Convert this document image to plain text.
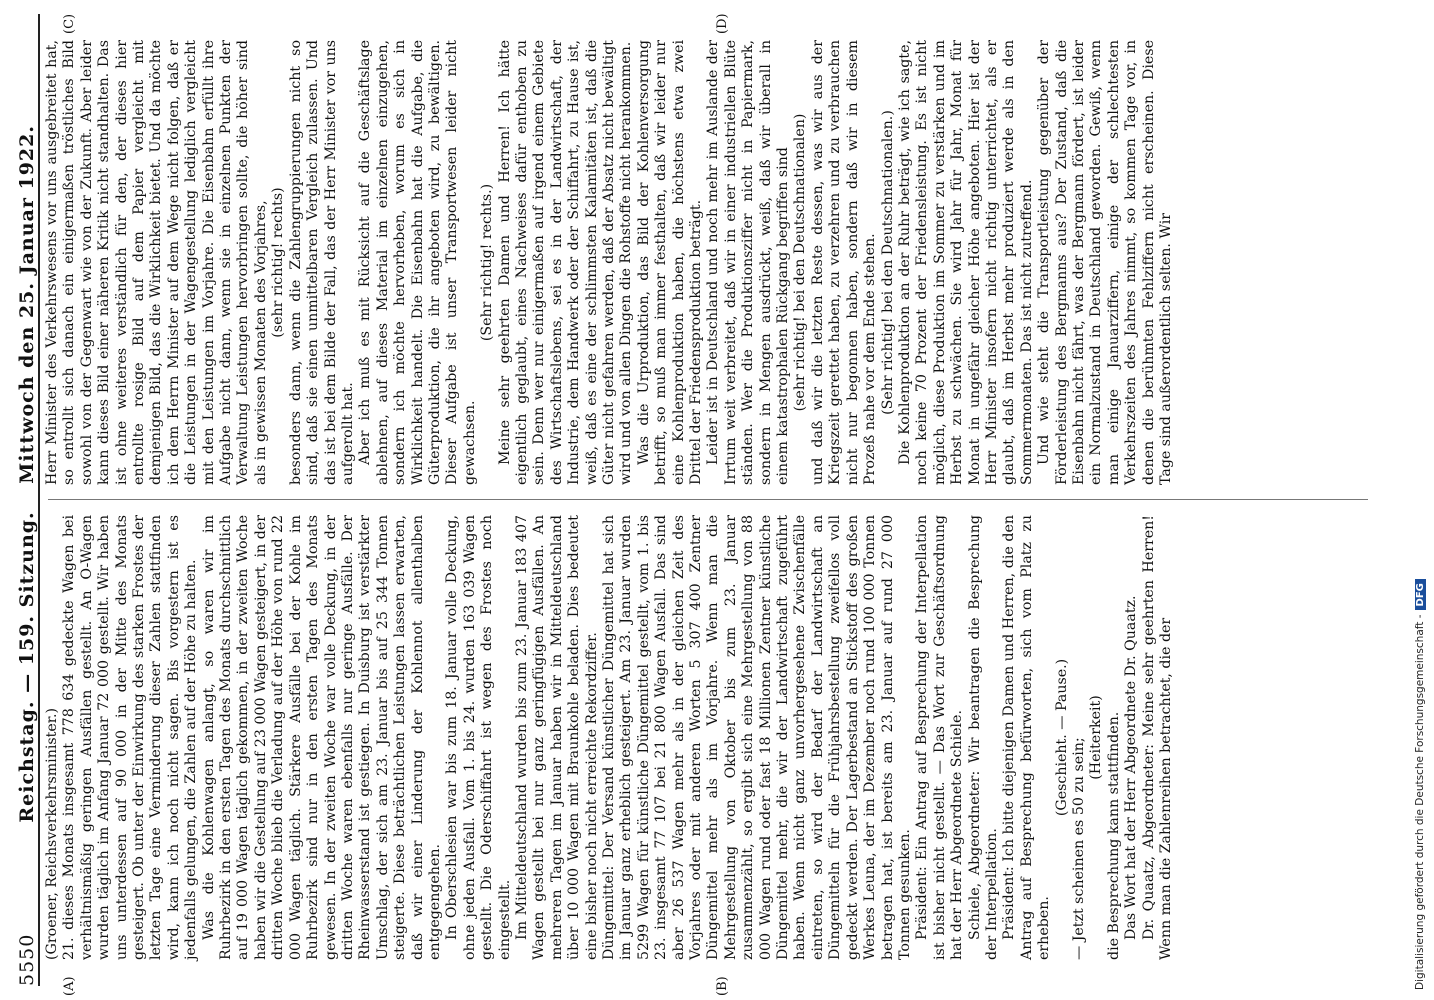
5550
Reichstag. — 159. Sitzung. Mittwoch den 25. Januar 1922.
(A)	(B)
(C)	(D)

(Groener, Reichsverkehrsminister.) 21. dieses Monats insgesamt 778 634 gedeckte Wagen bei verhältnismäßig geringen Ausfällen gestellt. An O-Wagen wurden täglich im Anfang Januar 72 000 gestellt. Wir haben uns unterdessen auf 90 000 in der Mitte des Monats gesteigert. Ob unter der Einwirkung des starken Frostes der letzten Tage eine Verminderung dieser Zahlen stattfinden wird, kann ich noch nicht sagen. Bis vorgestern ist es jedenfalls gelungen, die Zahlen auf der Höhe zu halten. Was die Kohlenwagen anlangt, so waren wir im Ruhrbezirk in den ersten Tagen des Monats durchschnittlich auf 19 000 Wagen täglich gekommen, in der zweiten Woche haben wir die Gestellung auf 23 000 Wagen gesteigert, in der dritten Woche blieb die Verladung auf der Höhe von rund 22 000 Wagen täglich. Stärkere Ausfälle bei der Kohle im Ruhrbezirk sind nur in den ersten Tagen des Monats gewesen. In der zweiten Woche war volle Deckung, in der dritten Woche waren ebenfalls nur geringe Ausfälle. Der Rheinwasserstand ist gestiegen. In Duisburg ist verstärkter Umschlag, der sich am 23. Januar bis auf 25 344 Tonnen steigerte. Diese beträchtlichen Leistungen lassen erwarten, daß wir einer Linderung der Kohlennot allenthalben entgegengehen. In Oberschlesien war bis zum 18. Januar volle Deckung, ohne jeden Ausfall. Vom 1. bis 24. wurden 163 039 Wagen gestellt. Die Oderschiffahrt ist wegen des Frostes noch eingestellt. Im Mitteldeutschland wurden bis zum 23. Januar 183 407 Wagen gestellt bei nur ganz geringfügigen Ausfällen. An mehreren Tagen im Januar haben wir in Mitteldeutschland über 10 000 Wagen mit Braunkohle beladen. Dies bedeutet eine bisher noch nicht erreichte Rekordziffer. Düngemittel: Der Versand künstlicher Düngemittel hat sich im Januar ganz erheblich gesteigert. Am 23. Januar wurden 5299 Wagen für künstliche Düngemittel gestellt, vom 1. bis 23. insgesamt 77 107 bei 21 800 Wagen Ausfall. Das sind aber 26 537 Wagen mehr als in der gleichen Zeit des Vorjahres oder mit anderen Worten 5 307 400 Zentner Düngemittel mehr als im Vorjahre. Wenn man die Mehrgestellung von Oktober bis zum 23. Januar zusammenzählt, so ergibt sich eine Mehrgestellung von 88 000 Wagen rund oder fast 18 Millionen Zentner künstliche Düngemittel mehr, die wir der Landwirtschaft zugeführt haben. Wenn nicht ganz unvorhergesehene Zwischenfälle eintreten, so wird der Bedarf der Landwirtschaft an Düngemitteln für die Frühjahrsbestellung zweifellos voll gedeckt werden. Der Lagerbestand an Stickstoff des großen Werkes Leuna, der im Dezember noch rund 100 000 Tonnen betragen hat, ist bereits am 23. Januar auf rund 27 000 Tonnen gesunken. Präsident: Ein Antrag auf Besprechung der Interpellation ist bisher nicht gestellt. — Das Wort zur Geschäftsordnung hat der Herr Abgeordnete Schiele. Schiele, Abgeordneter: Wir beantragen die Besprechung der Interpellation. Präsident: Ich bitte diejenigen Damen und Herren, die den Antrag auf Besprechung befürworten, sich vom Platz zu erheben.

(Geschieht. — Pause.) — Jetzt scheinen es 50 zu sein; (Heiterkeit) die Besprechung kann stattfinden. Das Wort hat der Herr Abgeordnete Dr. Quaatz. Dr. Quaatz, Abgeordneter: Meine sehr geehrten Herren! Wenn man die Zahlenreihen betrachtet, die der

Herr Minister des Verkehrswesens vor uns ausgebreitet hat, so entrollt sich danach ein einigermaßen tröstliches Bild sowohl von der Gegenwart wie von der Zukunft. Aber leider kann dieses Bild einer näheren Kritik nicht standhalten. Das ist ohne weiteres verständlich für den, der dieses hier entrollte rosige Bild auf dem Papier vergleicht mit demjenigen Bild, das die Wirklichkeit bietet. Und da möchte ich dem Herrn Minister auf dem Wege nicht folgen, daß er die Leistungen in der Wagengestellung lediglich vergleicht mit den Leistungen im Vorjahre. Die Eisenbahn erfüllt ihre Aufgabe nicht dann, wenn sie in einzelnen Punkten der Verwaltung Leistungen hervorbringen sollte, die höher sind als in gewissen Monaten des Vorjahres, (sehr richtig! rechts) besonders dann, wenn die Zahlengruppierungen nicht so sind, daß sie einen unmittelbaren Vergleich zulassen. Und das ist bei dem Bilde der Fall, das der Herr Minister vor uns aufgerollt hat. Aber ich muß es mit Rücksicht auf die Geschäftslage ablehnen, auf dieses Material im einzelnen einzugehen, sondern ich möchte hervorheben, worum es sich in Wirklichkeit handelt. Die Eisenbahn hat die Aufgabe, die Güterproduktion, die ihr angeboten wird, zu bewältigen. Dieser Aufgabe ist unser Transportwesen leider nicht gewachsen.

(Sehr richtig! rechts.) Meine sehr geehrten Damen und Herren! Ich hätte eigentlich geglaubt, eines Nachweises dafür enthoben zu sein. Denn wer nur einigermaßen auf irgend einem Gebiete des Wirtschaftslebens, sei es in der Landwirtschaft, der Industrie, dem Handwerk oder der Schiffahrt, zu Hause ist, weiß, daß es eine der schlimmsten Kalamitäten ist, daß die Güter nicht gefahren werden, daß der Absatz nicht bewältigt wird und von allen Dingen die Rohstoffe nicht herankommen. Was die Urproduktion, das Bild der Kohlenversorgung betrifft, so muß man immer festhalten, daß wir leider nur eine Kohlenproduktion haben, die höchstens etwa zwei Drittel der Friedensproduktion beträgt. Leider ist in Deutschland und noch mehr im Auslande der Irrtum weit verbreitet, daß wir in einer industriellen Blüte ständen. Wer die Produktionsziffer nicht in Papiermark, sondern in Mengen ausdrückt, weiß, daß wir überall in einem katastrophalen Rückgang begriffen sind (sehr richtig! bei den Deutschnationalen) und daß wir die letzten Reste dessen, was wir aus der Kriegszeit gerettet haben, zu verzehren und zu verbrauchen nicht nur begonnen haben, sondern daß wir in diesem Prozeß nahe vor dem Ende stehen. (Sehr richtig! bei den Deutschnationalen.) Die Kohlenproduktion an der Ruhr beträgt, wie ich sagte, noch keine 70 Prozent der Friedensleistung. Es ist nicht möglich, diese Produktion im Sommer zu verstärken und im Herbst zu schwächen. Sie wird Jahr für Jahr, Monat für Monat in ungefähr gleicher Höhe angeboten. Hier ist der Herr Minister insofern nicht richtig unterrichtet, als er glaubt, daß im Herbst mehr produziert werde als in den Sommermonaten. Das ist nicht zutreffend. Und wie steht die Transportleistung gegenüber der Förderleistung des Bergmanns aus? Der Zustand, daß die Eisenbahn nicht fährt, was der Bergmann fördert, ist leider ein Normalzustand in Deutschland geworden. Gewiß, wenn man einige Januarziffern, einige der schlechtesten Verkehrszeiten des Jahres nimmt, so kommen Tage vor, in denen die berühmten Fehlziffern nicht erscheinen. Diese Tage sind außerordentlich selten. Wir

Digitalisierung gefördert durch die Deutsche Forschungsgemeinschaft -DFG
